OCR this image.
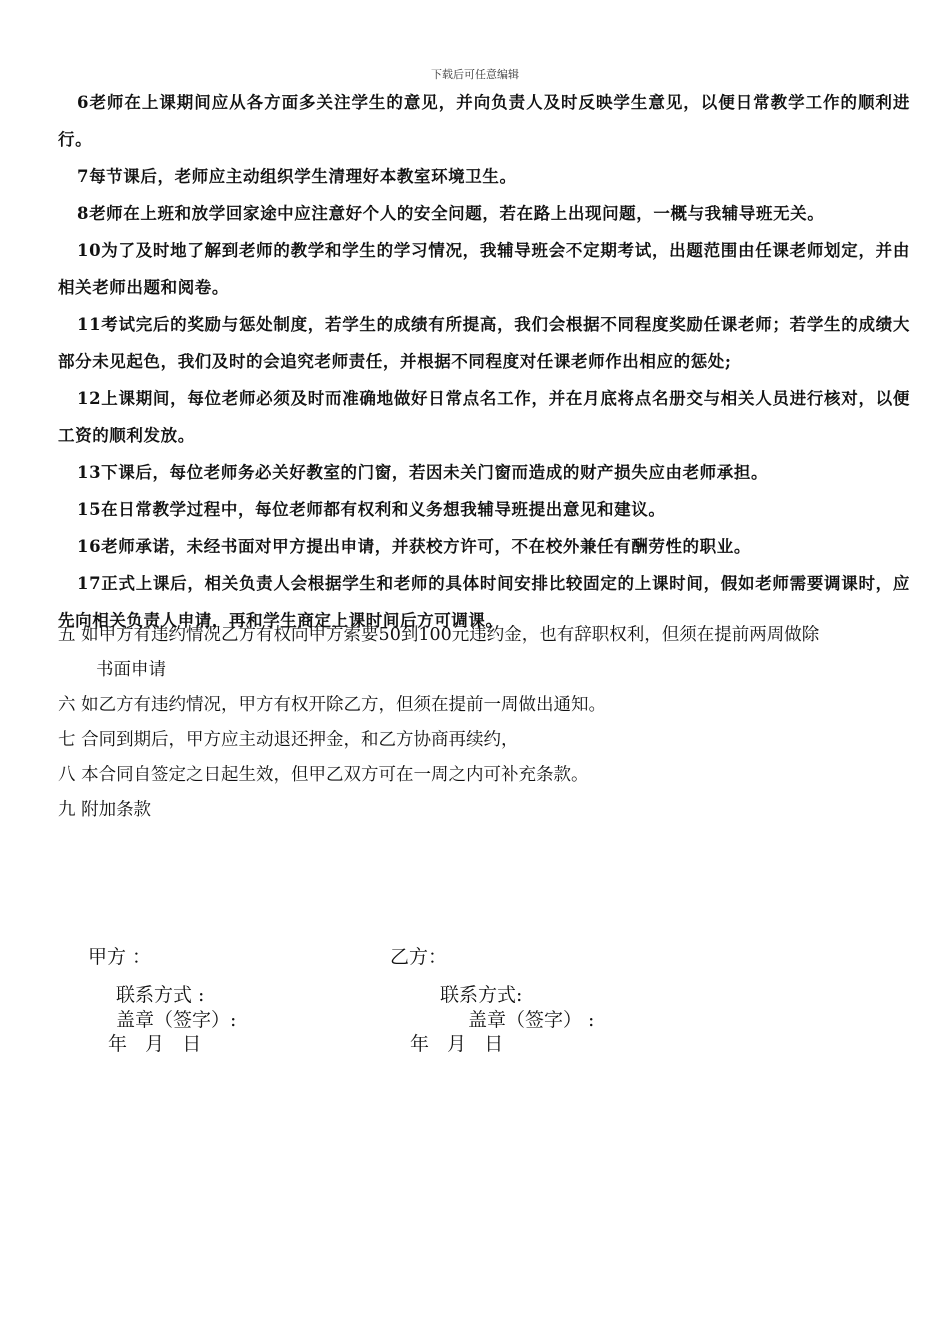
下载后可任意编辑

6老师在上课期间应从各方面多关注学生的意见，并向负责人及时反映学生意见，以便日常教学工作的顺利进行。

7每节课后，老师应主动组织学生清理好本教室环境卫生。

8老师在上班和放学回家途中应注意好个人的安全问题，若在路上出现问题，一概与我辅导班无关。

10为了及时地了解到老师的教学和学生的学习情况，我辅导班会不定期考试，出题范围由任课老师划定，并由相关老师出题和阅卷。

11考试完后的奖励与惩处制度，若学生的成绩有所提高，我们会根据不同程度奖励任课老师；若学生的成绩大部分未见起色，我们及时的会追究老师责任，并根据不同程度对任课老师作出相应的惩处;

12上课期间，每位老师必须及时而准确地做好日常点名工作，并在月底将点名册交与相关人员进行核对，以便工资的顺利发放。

13下课后，每位老师务必关好教室的门窗，若因未关门窗而造成的财产损失应由老师承担。

15在日常教学过程中，每位老师都有权利和义务想我辅导班提出意见和建议。

16老师承诺，未经书面对甲方提出申请，并获校方许可，不在校外兼任有酬劳性的职业。

17正式上课后，相关负责人会根据学生和老师的具体时间安排比较固定的上课时间，假如老师需要调课时，应先向相关负责人申请，再和学生商定上课时间后方可调课。

五 如甲方有违约情况乙方有权向甲方索要50到100元违约金，也有辞职权利，但须在提前两周做除

书面申请

六 如乙方有违约情况，甲方有权开除乙方，但须在提前一周做出通知。

七 合同到期后，甲方应主动退还押金，和乙方协商再续约，

八 本合同自签定之日起生效，但甲乙双方可在一周之内可补充条款。

九 附加条款

甲方 ：	乙方：
联系方式 :	联系方式:
盖章（签字）:	盖章（签字） :
年   月   日	年   月   日
